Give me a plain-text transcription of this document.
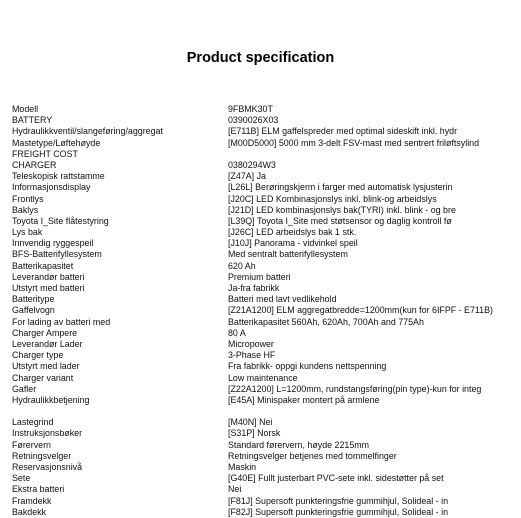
Product specification
Modell	9FBMK30T
BATTERY	0390026X03
Hydraulikkventil/slangeføring/aggregat	[E711B] ELM gaffelspreder med optimal sideskift inkl. hydr
Mastetype/Løftehøyde	[M00D5000] 5000 mm 3-delt FSV-mast med sentrert friløftsylind
FREIGHT COST
CHARGER	0380294W3
Teleskopisk rattstamme	[Z47A] Ja
Informasjonsdisplay	[L26L] Berøringskjerm i farger med automatisk lysjusterin
Frontlys	[J20C] LED Kombinasjonslys inkl. blink-og arbeidslys
Baklys	[J21D] LED kombinasjonslys bak(TYRI) inkl. blink - og bre
Toyota I_Site flåtestyring	[L39Q] Toyota I_Site med støtsensor og daglig kontroll fø
Lys bak	[J26C] LED arbeidslys bak 1 stk.
Innvendig ryggespeil	[J10J] Panorama - vidvinkel speil
BFS-Batterifyllesystem	Med sentralt batterifyllesystem
Batterikapasitet	620 Ah
Leverandør batteri	Premium batteri
Utstyrt med batteri	Ja-fra fabrikk
Batteritype	Batteri med lavt vedlikehold
Gaffelvogn	[Z21A1200] ELM aggregatbredde=1200mm(kun for 6IFPF - E711B)
For lading av batteri med	Batterikapasitet 560Ah, 620Ah, 700Ah and 775Ah
Charger Ampere	80 A
Leverandør Lader	Micropower
Charger type	3-Phase HF
Utstyrt med lader	Fra fabrikk- oppgi kundens nettspenning
Charger variant	Low maintenance
Gafler	[Z22A1200] L=1200mm, rundstangsføring(pin type)-kun for integ
Hydraulikkbetjening	[E45A] Minispaker montert på armlene
Lastegrind	[M40N] Nei
Instruksjonsbøker	[S31P] Norsk
Førervern	Standard førervern, høyde 2215mm
Retningsvelger	Retningsvelger betjenes med tommelfinger
Reservasjonsnivå	Maskin
Sete	[G40E] Fullt justerbart PVC-sete inkl. sidestøtter på set
Ekstra batteri	Nei
Framdekk	[F81J] Supersoft punkteringsfrie gummihjul, Solideal - in
Bakdekk	[F82J] Supersoft punkteringsfrie gummihjul, Solideal - in
